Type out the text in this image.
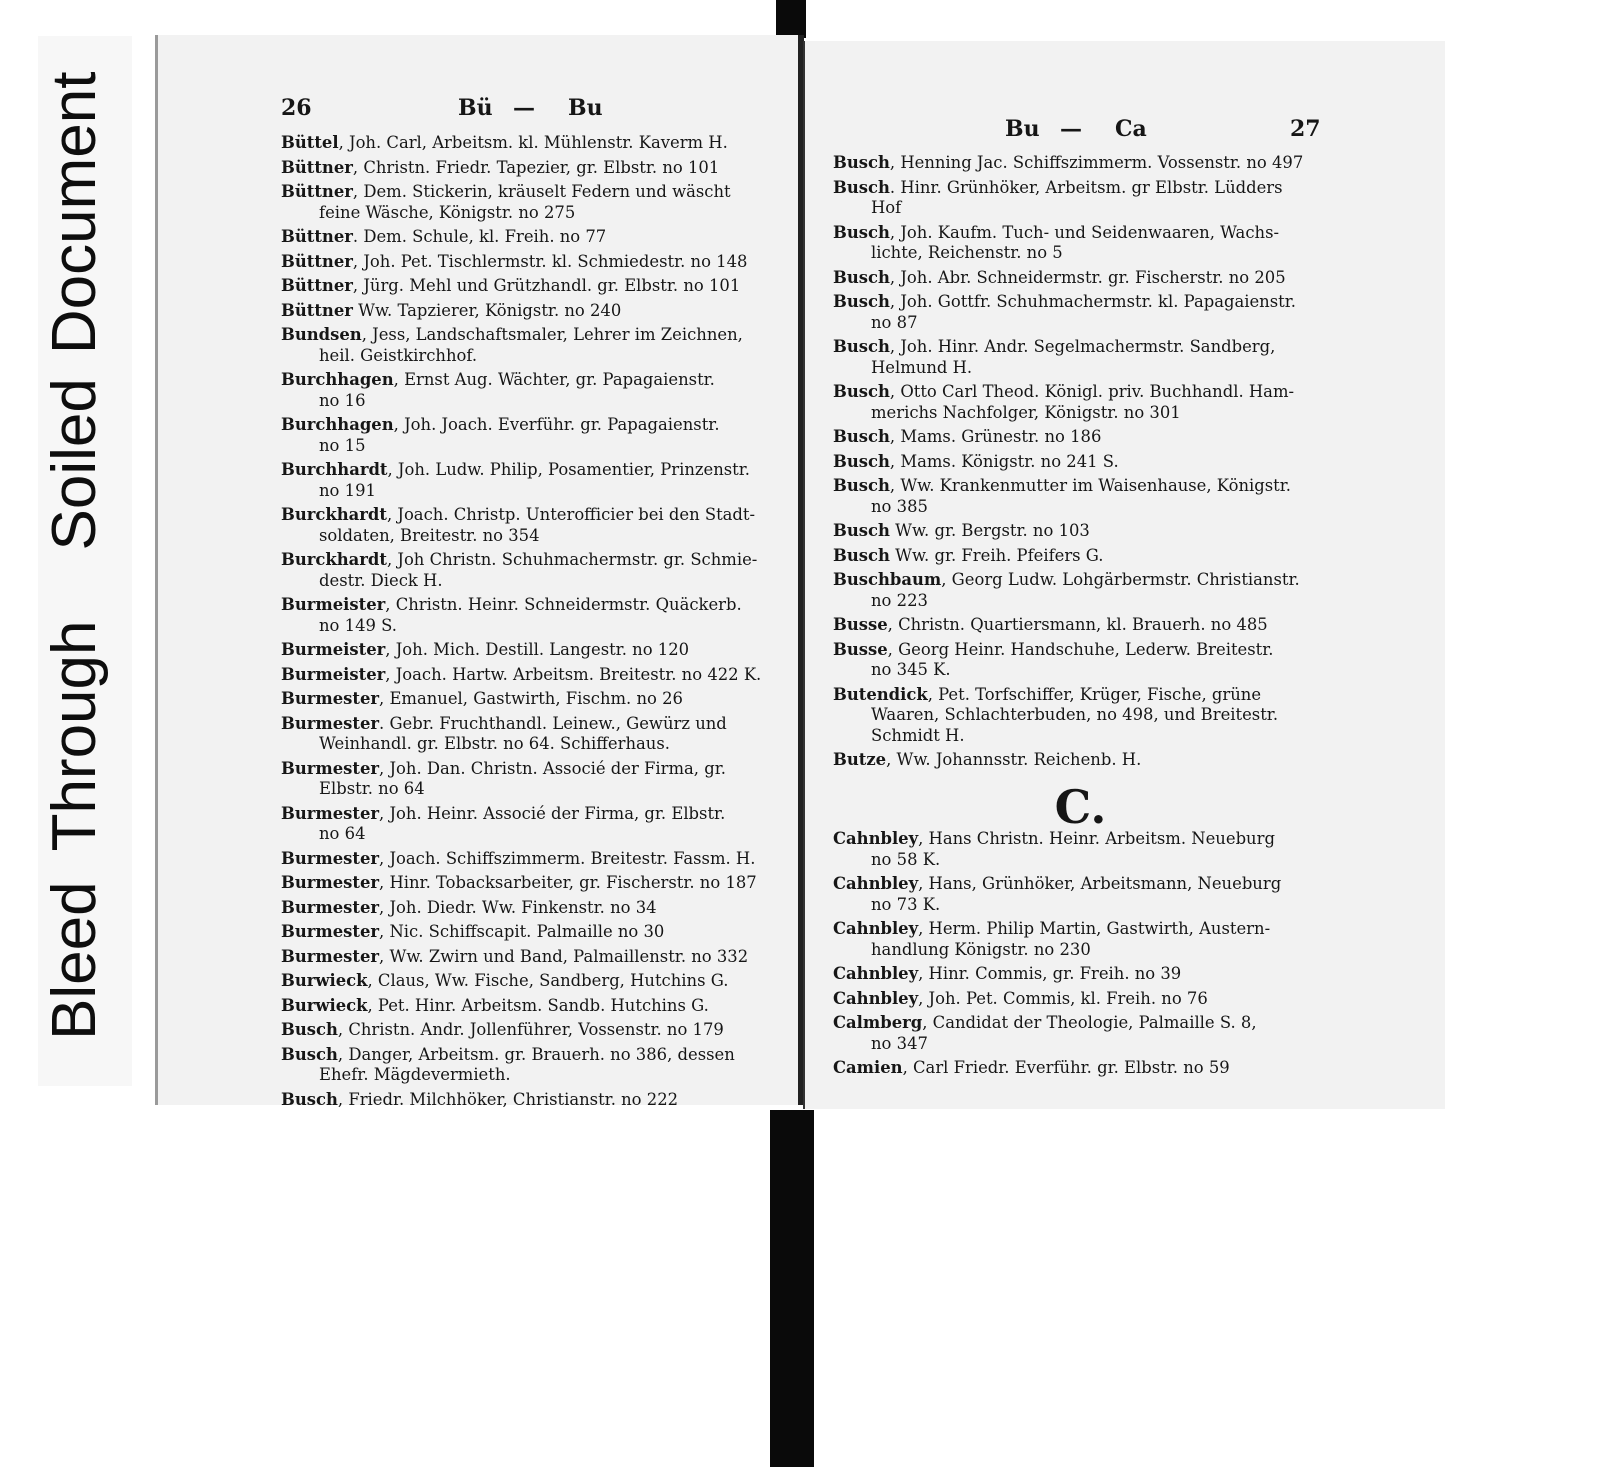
Bleed
Through
Soiled
Document	26	Bü — Bu
Büttel, Joh. Carl, Arbeitsm. kl. Mühlenstr. Kaverm H.
Büttner, Christn. Friedr. Tapezier, gr. Elbstr. no 101
Büttner, Dem. Stickerin, kräuselt Federn und wäscht
feine Wäsche, Königstr. no 275
Büttner. Dem. Schule, kl. Freih. no 77
Büttner, Joh. Pet. Tischlermstr. kl. Schmiedestr. no 148
Büttner, Jürg. Mehl und Grützhandl. gr. Elbstr. no 101
Büttner Ww. Tapzierer, Königstr. no 240
Bundsen, Jess, Landschaftsmaler, Lehrer im Zeichnen,
heil. Geistkirchhof.
Burchhagen, Ernst Aug. Wächter, gr. Papagaienstr.
no 16
Burchhagen, Joh. Joach. Everführ. gr. Papagaienstr.
no 15
Burchhardt, Joh. Ludw. Philip, Posamentier, Prinzenstr.
no 191
Burckhardt, Joach. Christp. Unterofficier bei den Stadt-
soldaten, Breitestr. no 354
Burckhardt, Joh Christn. Schuhmachermstr. gr. Schmie-
destr. Dieck H.
Burmeister, Christn. Heinr. Schneidermstr. Quäckerb.
no 149 S.
Burmeister, Joh. Mich. Destill. Langestr. no 120
Burmeister, Joach. Hartw. Arbeitsm. Breitestr. no 422 K.
Burmester, Emanuel, Gastwirth, Fischm. no 26
Burmester. Gebr. Fruchthandl. Leinew., Gewürz und
Weinhandl. gr. Elbstr. no 64. Schifferhaus.
Burmester, Joh. Dan. Christn. Associé der Firma, gr.
Elbstr. no 64
Burmester, Joh. Heinr. Associé der Firma, gr. Elbstr.
no 64
Burmester, Joach. Schiffszimmerm. Breitestr. Fassm. H.
Burmester, Hinr. Tobacksarbeiter, gr. Fischerstr. no 187
Burmester, Joh. Diedr. Ww. Finkenstr. no 34
Burmester, Nic. Schiffscapit. Palmaille no 30
Burmester, Ww. Zwirn und Band, Palmaillenstr. no 332
Burwieck, Claus, Ww. Fische, Sandberg, Hutchins G.
Burwieck, Pet. Hinr. Arbeitsm. Sandb. Hutchins G.
Busch, Christn. Andr. Jollenführer, Vossenstr. no 179
Busch, Danger, Arbeitsm. gr. Brauerh. no 386, dessen
Ehefr. Mägdevermieth.
Busch, Friedr. Milchhöker, Christianstr. no 222
Bu — Ca	27
Busch, Henning Jac. Schiffszimmerm. Vossenstr. no 497
Busch. Hinr. Grünhöker, Arbeitsm. gr Elbstr. Lüdders
Hof
Busch, Joh. Kaufm. Tuch- und Seidenwaaren, Wachs-
lichte, Reichenstr. no 5
Busch, Joh. Abr. Schneidermstr. gr. Fischerstr. no 205
Busch, Joh. Gottfr. Schuhmachermstr. kl. Papagaienstr.
no 87
Busch, Joh. Hinr. Andr. Segelmachermstr. Sandberg,
Helmund H.
Busch, Otto Carl Theod. Königl. priv. Buchhandl. Ham-
merichs Nachfolger, Königstr. no 301
Busch, Mams. Grünestr. no 186
Busch, Mams. Königstr. no 241 S.
Busch, Ww. Krankenmutter im Waisenhause, Königstr.
no 385
Busch Ww. gr. Bergstr. no 103
Busch Ww. gr. Freih. Pfeifers G.
Buschbaum, Georg Ludw. Lohgärbermstr. Christianstr.
no 223
Busse, Christn. Quartiersmann, kl. Brauerh. no 485
Busse, Georg Heinr. Handschuhe, Lederw. Breitestr.
no 345 K.
Butendick, Pet. Torfschiffer, Krüger, Fische, grüne
Waaren, Schlachterbuden, no 498, und Breitestr.
Schmidt H.
Butze, Ww. Johannsstr. Reichenb. H.
C.
Cahnbley, Hans Christn. Heinr. Arbeitsm. Neueburg
no 58 K.
Cahnbley, Hans, Grünhöker, Arbeitsmann, Neueburg
no 73 K.
Cahnbley, Herm. Philip Martin, Gastwirth, Austern-
handlung Königstr. no 230
Cahnbley, Hinr. Commis, gr. Freih. no 39
Cahnbley, Joh. Pet. Commis, kl. Freih. no 76
Calmberg, Candidat der Theologie, Palmaille S. 8,
no 347
Camien, Carl Friedr. Everführ. gr. Elbstr. no 59
